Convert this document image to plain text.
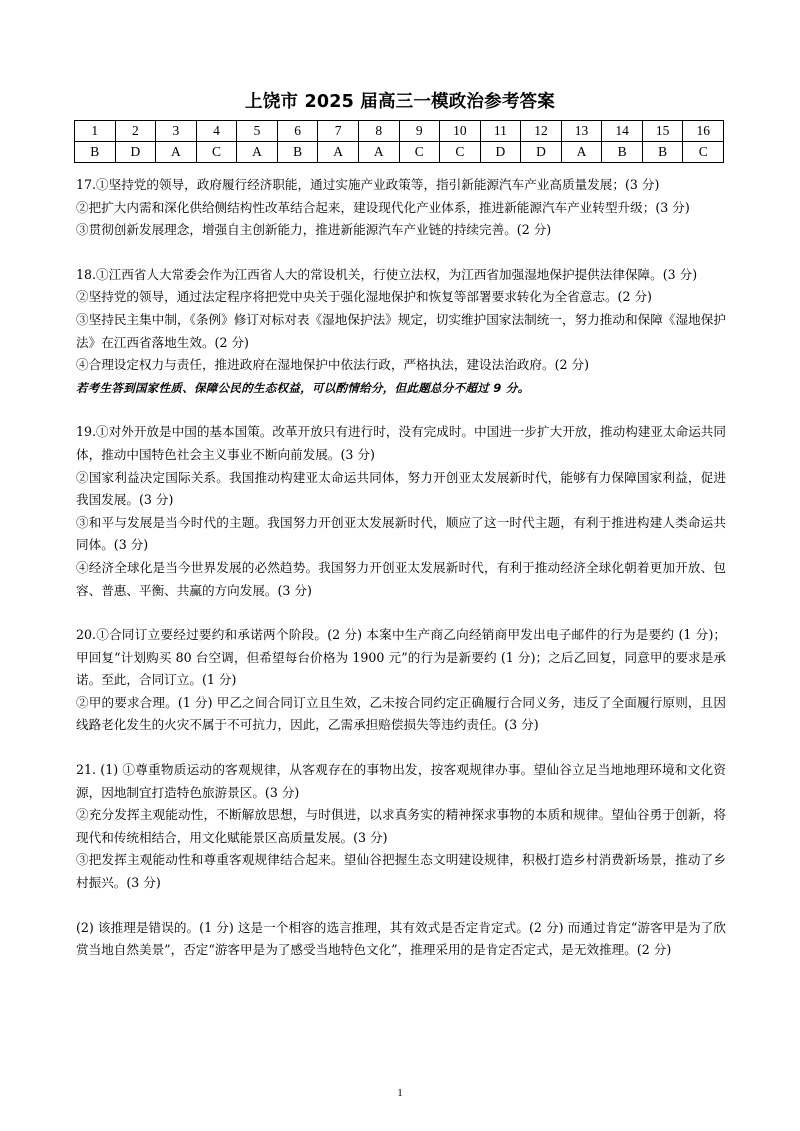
上饶市 2025 届高三一模政治参考答案
1	2	3	4	5	6	7	8	9	10	11	12	13	14	15	16
B	D	A	C	A	B	A	A	C	C	D	D	A	B	B	C

17.①坚持党的领导，政府履行经济职能，通过实施产业政策等，指引新能源汽车产业高质量发展；(3 分)

②把扩大内需和深化供给侧结构性改革结合起来，建设现代化产业体系，推进新能源汽车产业转型升级；(3 分)

③贯彻创新发展理念，增强自主创新能力，推进新能源汽车产业链的持续完善。(2 分)

18.①江西省人大常委会作为江西省人大的常设机关，行使立法权，为江西省加强湿地保护提供法律保障。(3 分)

②坚持党的领导，通过法定程序将把党中央关于强化湿地保护和恢复等部署要求转化为全省意志。(2 分)

③坚持民主集中制，《条例》修订对标对表《湿地保护法》规定，切实维护国家法制统一，努力推动和保障《湿地保护法》在江西省落地生效。(2 分)

④合理设定权力与责任，推进政府在湿地保护中依法行政，严格执法，建设法治政府。(2 分)

若考生答到国家性质、保障公民的生态权益，可以酌情给分，但此题总分不超过 9 分。

19.①对外开放是中国的基本国策。改革开放只有进行时，没有完成时。中国进一步扩大开放，推动构建亚太命运共同体，推动中国特色社会主义事业不断向前发展。(3 分)

②国家利益决定国际关系。我国推动构建亚太命运共同体，努力开创亚太发展新时代，能够有力保障国家利益，促进我国发展。(3 分)

③和平与发展是当今时代的主题。我国努力开创亚太发展新时代，顺应了这一时代主题，有利于推进构建人类命运共同体。(3 分)

④经济全球化是当今世界发展的必然趋势。我国努力开创亚太发展新时代，有利于推动经济全球化朝着更加开放、包容、普惠、平衡、共赢的方向发展。(3 分)

20.①合同订立要经过要约和承诺两个阶段。(2 分) 本案中生产商乙向经销商甲发出电子邮件的行为是要约 (1 分)；甲回复“计划购买 80 台空调，但希望每台价格为 1900 元”的行为是新要约 (1 分)；之后乙回复，同意甲的要求是承诺。至此，合同订立。(1 分)

②甲的要求合理。(1 分) 甲乙之间合同订立且生效，乙未按合同约定正确履行合同义务，违反了全面履行原则，且因线路老化发生的火灾不属于不可抗力，因此，乙需承担赔偿损失等违约责任。(3 分)

21. (1) ①尊重物质运动的客观规律，从客观存在的事物出发，按客观规律办事。望仙谷立足当地地理环境和文化资源，因地制宜打造特色旅游景区。(3 分)

②充分发挥主观能动性，不断解放思想，与时俱进，以求真务实的精神探求事物的本质和规律。望仙谷勇于创新，将现代和传统相结合，用文化赋能景区高质量发展。(3 分)

③把发挥主观能动性和尊重客观规律结合起来。望仙谷把握生态文明建设规律，积极打造乡村消费新场景，推动了乡村振兴。(3 分)

(2) 该推理是错误的。(1 分) 这是一个相容的选言推理，其有效式是否定肯定式。(2 分) 而通过肯定“游客甲是为了欣赏当地自然美景”，否定“游客甲是为了感受当地特色文化”，推理采用的是肯定否定式，是无效推理。(2 分)

1
